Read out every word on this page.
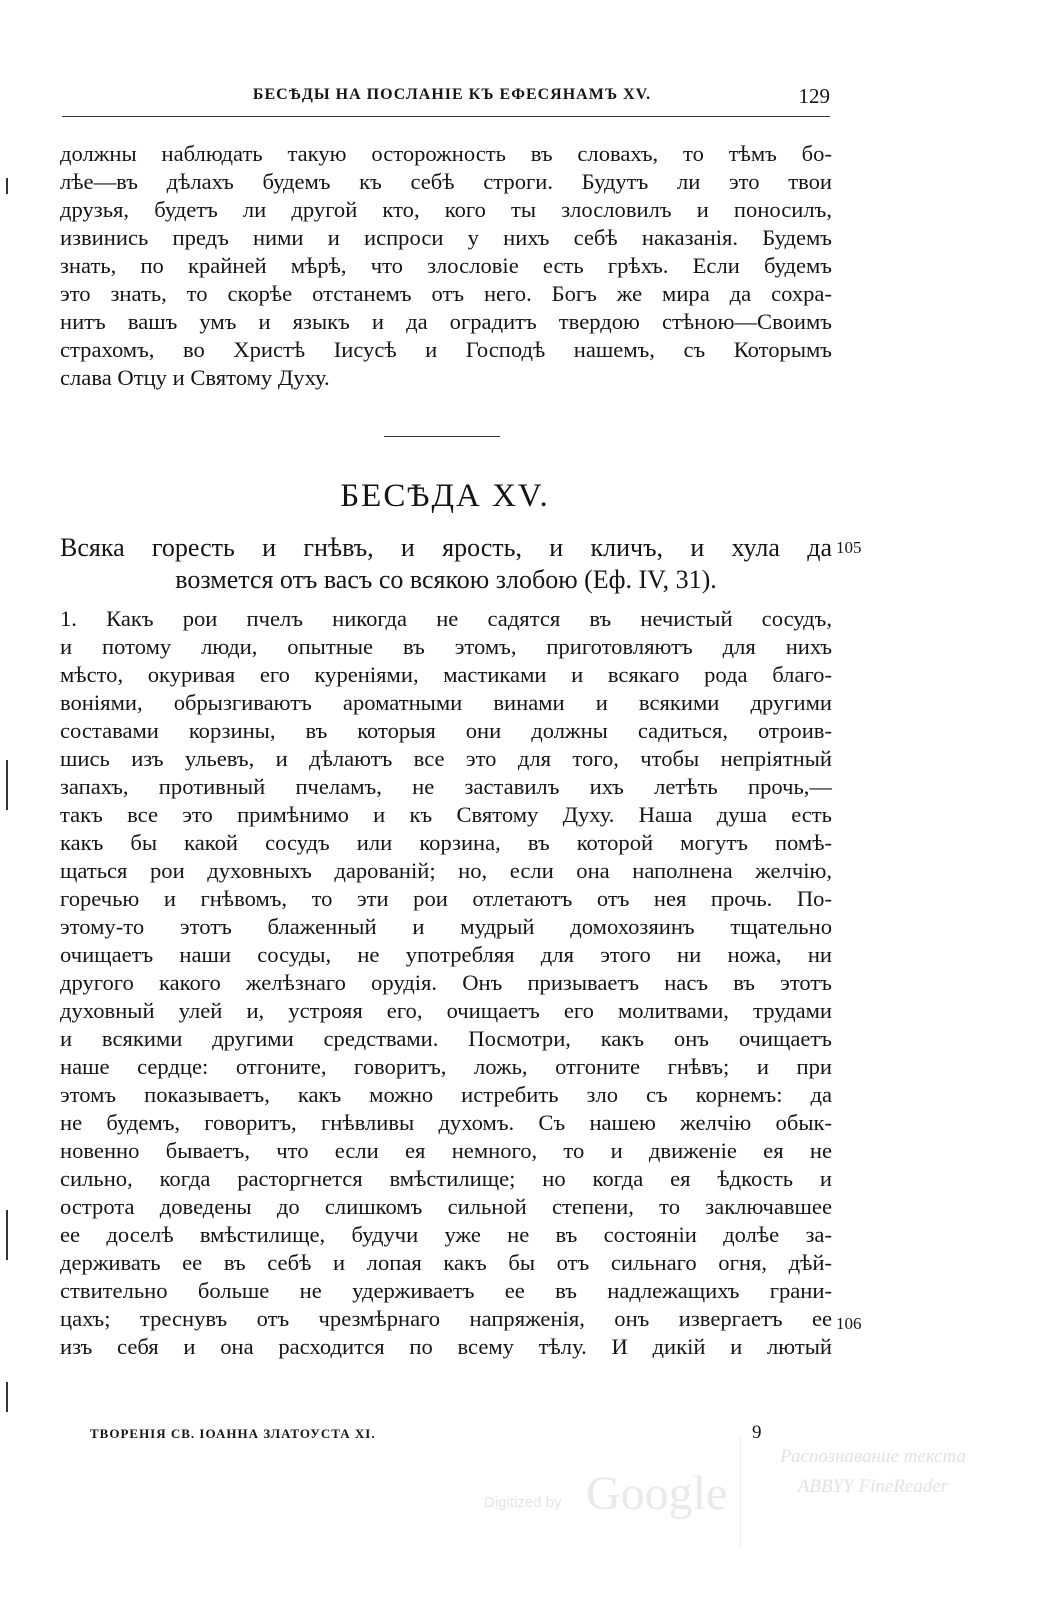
БЕСѢДЫ НА ПОСЛАНІЕ КЪ ЕФЕСЯНАМЪ XV.	129
должны наблюдать такую осторожность въ словахъ, то тѣмъ бо-
лѣе—въ дѣлахъ будемъ къ себѣ строги. Будутъ ли это твои
друзья, будетъ ли другой кто, кого ты злословилъ и поносилъ,
извинись предъ ними и испроси у нихъ себѣ наказанія. Будемъ
знать, по крайней мѣрѣ, что злословіе есть грѣхъ. Если будемъ
это знать, то скорѣе отстанемъ отъ него. Богъ же мира да сохра-
нитъ вашъ умъ и языкъ и да оградитъ твердою стѣною—Своимъ
страхомъ, во Христѣ Іисусѣ и Господѣ нашемъ, съ Которымъ
слава Отцу и Святому Духу.
БЕСѢДА XV.
Всяка горесть и гнѣвъ, и ярость, и кличъ, и хула да
возмется отъ васъ со всякою злобою (Еф. IV, 31).
105
1. Какъ рои пчелъ никогда не садятся въ нечистый сосудъ,
и потому люди, опытные въ этомъ, приготовляютъ для нихъ
мѣсто, окуривая его куреніями, мастиками и всякаго рода благо-
воніями, обрызгиваютъ ароматными винами и всякими другими
составами корзины, въ которыя они должны садиться, отроив-
шись изъ ульевъ, и дѣлаютъ все это для того, чтобы непріятный
запахъ, противный пчеламъ, не заставилъ ихъ летѣть прочь,—
такъ все это примѣнимо и къ Святому Духу. Наша душа есть
какъ бы какой сосудъ или корзина, въ которой могутъ помѣ-
щаться рои духовныхъ дарованій; но, если она наполнена желчію,
горечью и гнѣвомъ, то эти рои отлетаютъ отъ нея прочь. По-
этому-то этотъ блаженный и мудрый домохозяинъ тщательно
очищаетъ наши сосуды, не употребляя для этого ни ножа, ни
другого какого желѣзнаго орудія. Онъ призываетъ насъ въ этотъ
духовный улей и, устрояя его, очищаетъ его молитвами, трудами
и всякими другими средствами. Посмотри, какъ онъ очищаетъ
наше сердце: отгоните, говоритъ, ложь, отгоните гнѣвъ; и при
этомъ показываетъ, какъ можно истребить зло съ корнемъ: да
не будемъ, говоритъ, гнѣвливы духомъ. Съ нашею желчію обык-
новенно бываетъ, что если ея немного, то и движеніе ея не
сильно, когда расторгнется вмѣстилище; но когда ея ѣдкость и
острота доведены до слишкомъ сильной степени, то заключавшее
ее доселѣ вмѣстилище, будучи уже не въ состояніи долѣе за-
держивать ее въ себѣ и лопая какъ бы отъ сильнаго огня, дѣй-
ствительно больше не удерживаетъ ее въ надлежащихъ грани-
цахъ; треснувъ отъ чрезмѣрнаго напряженія, онъ извергаетъ ее
изъ себя и она расходится по всему тѣлу. И дикій и лютый
106
ТВОРЕНІЯ СВ. ІОАННА ЗЛАТОУСТА XI.	9
Digitized by Google
Распознавание текста
ABBYY FineReader
